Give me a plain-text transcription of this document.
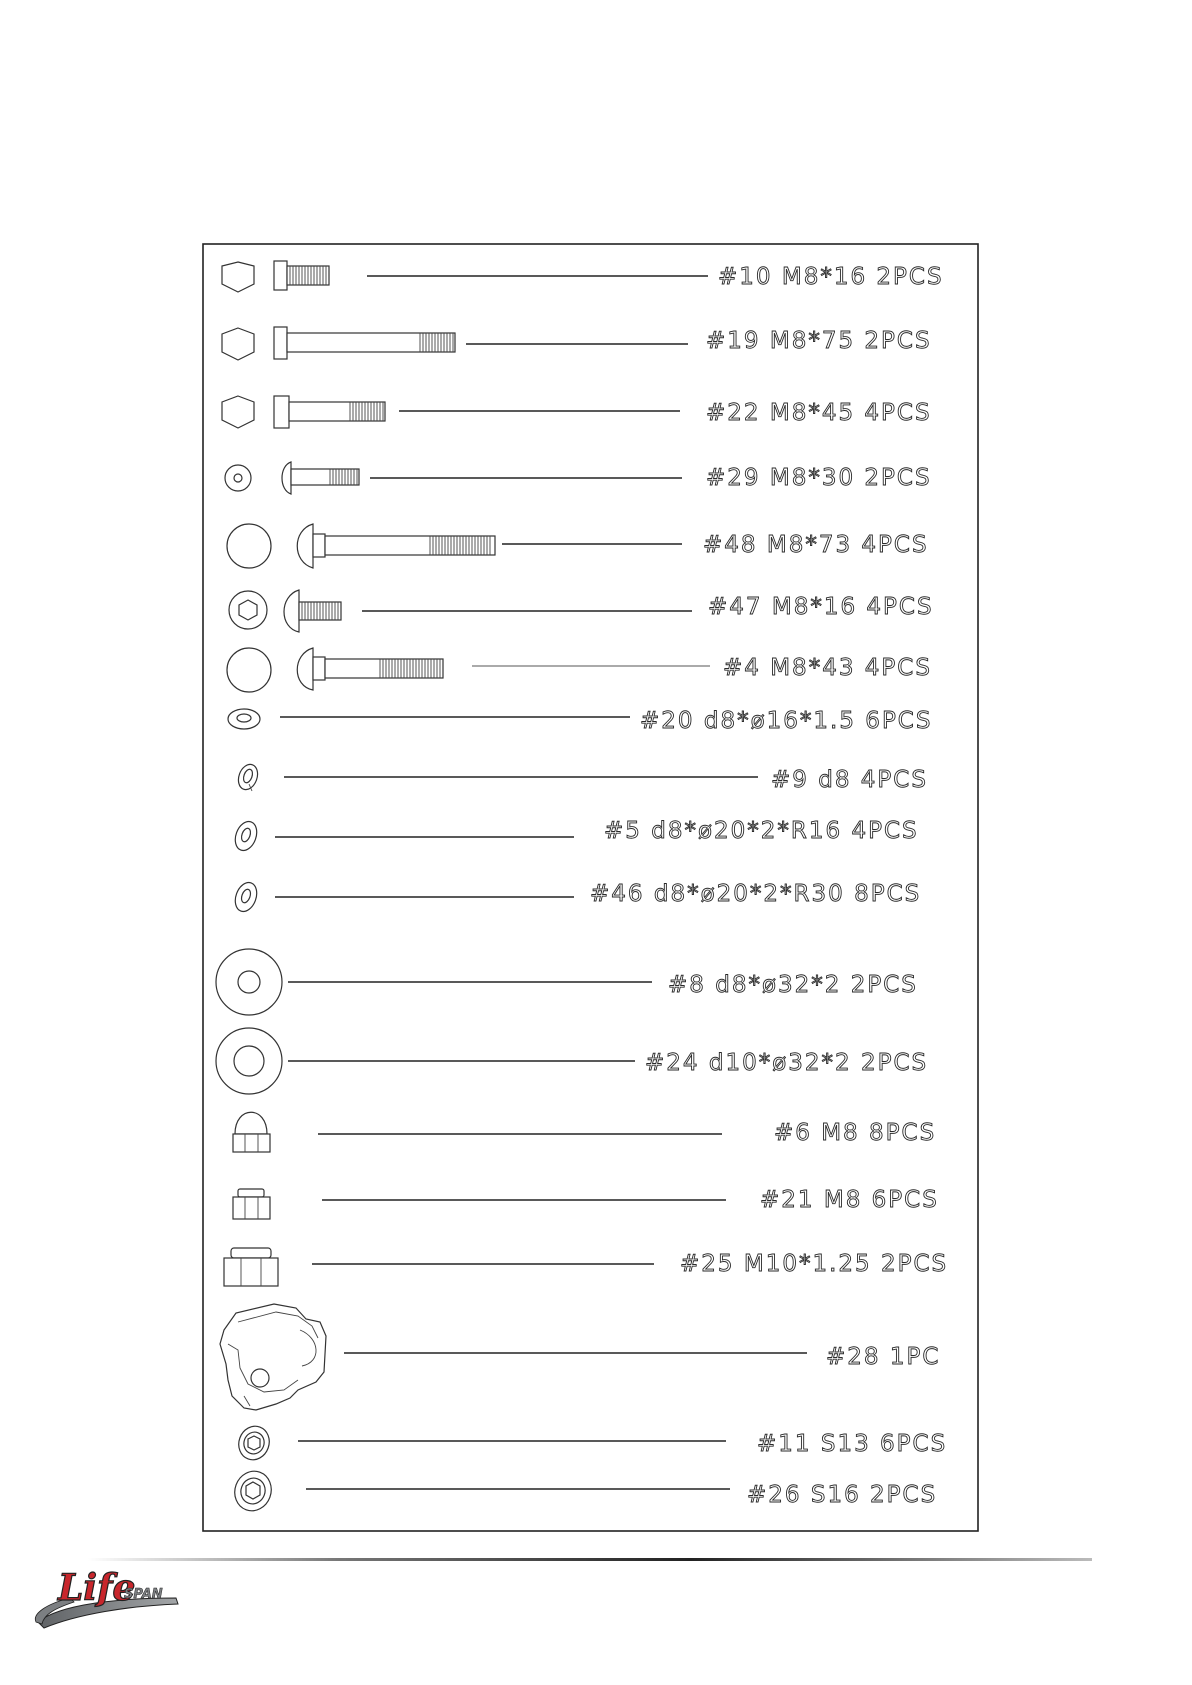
#10 M8*16 2PCS
#19 M8*75 2PCS
#22 M8*45 4PCS
#29 M8*30 2PCS
#48 M8*73 4PCS
#47 M8*16 4PCS
#4 M8*43 4PCS
#20 d8*ø16*1.5 6PCS
#9 d8 4PCS
#5 d8*ø20*2*R16 4PCS
#46 d8*ø20*2*R30 8PCS
#8 d8*ø32*2 2PCS
#24 d10*ø32*2 2PCS
#6 M8 8PCS
#21 M8 6PCS
#25 M10*1.25 2PCS
#28 1PC
#11 S13 6PCS
#26 S16 2PCS
Life
SPAN
